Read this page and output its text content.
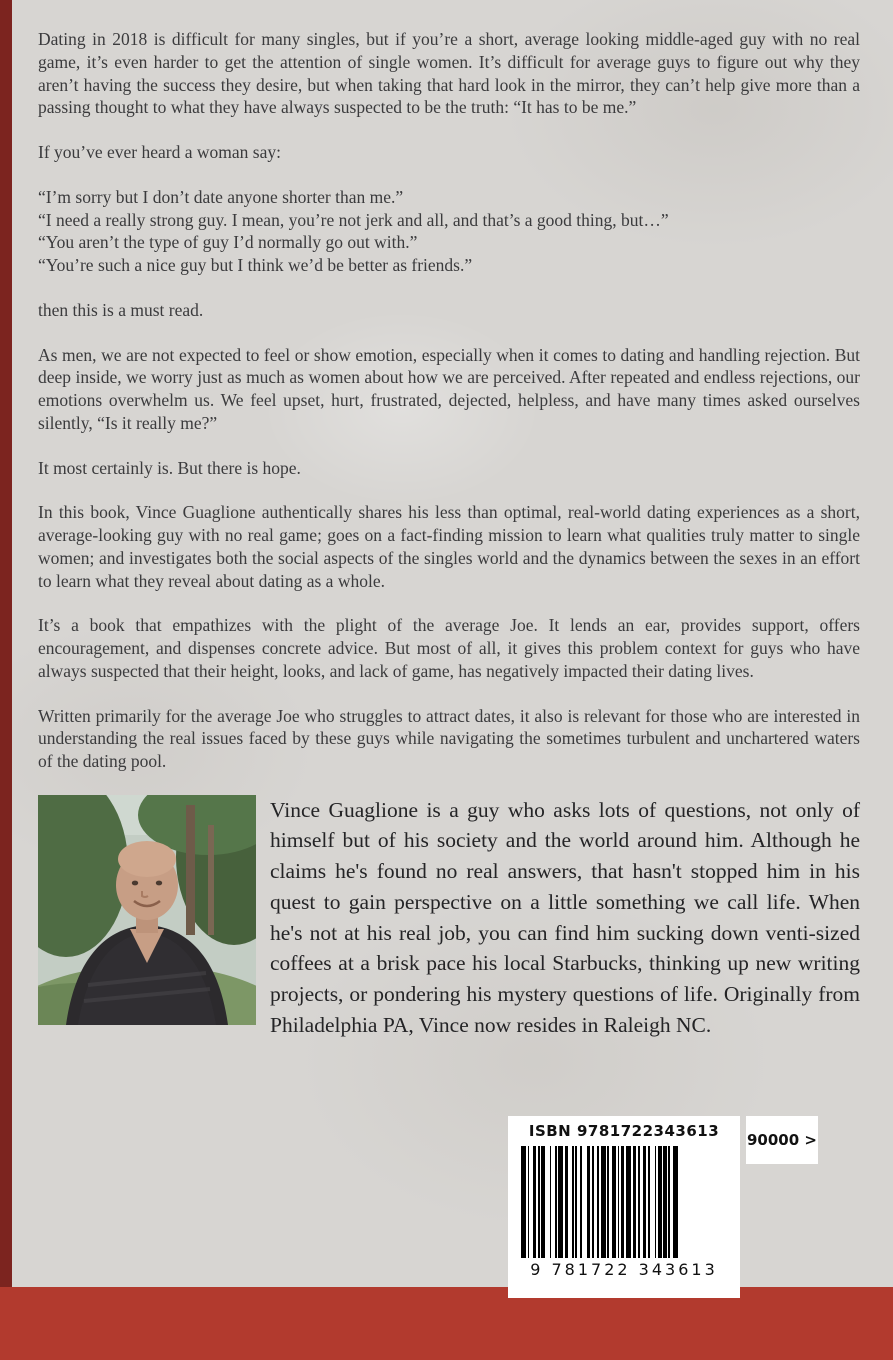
Dating in 2018 is difficult for many singles, but if you’re a short, average looking middle-aged guy with no real game, it’s even harder to get the attention of single women. It’s difficult for average guys to figure out why they aren’t having the success they desire, but when taking that hard look in the mirror, they can’t help give more than a passing thought to what they have always suspected to be the truth: “It has to be me.”

If you’ve ever heard a woman say:

“I’m sorry but I don’t date anyone shorter than me.”

“I need a really strong guy. I mean, you’re not jerk and all, and that’s a good thing, but…”

“You aren’t the type of guy I’d normally go out with.”

“You’re such a nice guy but I think we’d be better as friends.”

then this is a must read.

As men, we are not expected to feel or show emotion, especially when it comes to dating and handling rejection. But deep inside, we worry just as much as women about how we are perceived. After repeated and endless rejections, our emotions overwhelm us. We feel upset, hurt, frustrated, dejected, helpless, and have many times asked ourselves silently, “Is it really me?”

It most certainly is. But there is hope.

In this book, Vince Guaglione authentically shares his less than optimal, real-world dating experiences as a short, average-looking guy with no real game; goes on a fact-finding mission to learn what qualities truly matter to single women; and investigates both the social aspects of the singles world and the dynamics between the sexes in an effort to learn what they reveal about dating as a whole.

It’s a book that empathizes with the plight of the average Joe. It lends an ear, provides support, offers encouragement, and dispenses concrete advice. But most of all, it gives this problem context for guys who have always suspected that their height, looks, and lack of game, has negatively impacted their dating lives.

Written primarily for the average Joe who struggles to attract dates, it also is relevant for those who are interested in understanding the real issues faced by these guys while navigating the sometimes turbulent and unchartered waters of the dating pool.

Vince Guaglione is a guy who asks lots of questions, not only of himself but of his society and the world around him. Although he claims he's found no real answers, that hasn't stopped him in his quest to gain perspective on a little something we call life. When he's not at his real job, you can find him sucking down venti-sized coffees at a brisk pace his local Starbucks, thinking up new writing projects, or pondering his mystery questions of life. Originally from Philadelphia PA, Vince now resides in Raleigh NC.
ISBN 9781722343613
9 781722 343613
90000 >
